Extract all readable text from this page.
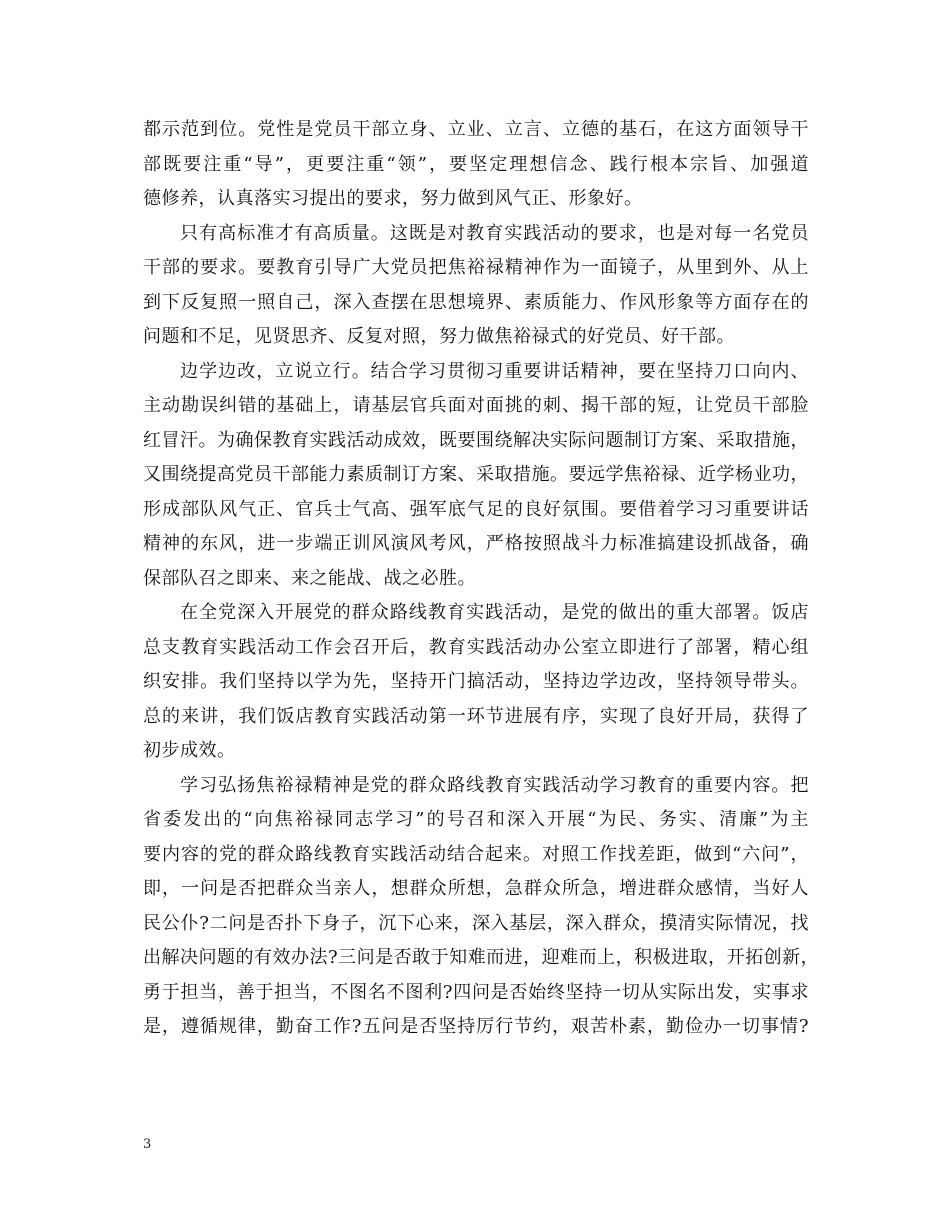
都示范到位。党性是党员干部立身、立业、立言、立德的基石，在这方面领导干
部既要注重“导”，更要注重“领”，要坚定理想信念、践行根本宗旨、加强道
德修养，认真落实习提出的要求，努力做到风气正、形象好。
只有高标准才有高质量。这既是对教育实践活动的要求，也是对每一名党员
干部的要求。要教育引导广大党员把焦裕禄精神作为一面镜子，从里到外、从上
到下反复照一照自己，深入查摆在思想境界、素质能力、作风形象等方面存在的
问题和不足，见贤思齐、反复对照，努力做焦裕禄式的好党员、好干部。
边学边改，立说立行。结合学习贯彻习重要讲话精神，要在坚持刀口向内、
主动勘误纠错的基础上，请基层官兵面对面挑的刺、揭干部的短，让党员干部脸
红冒汗。为确保教育实践活动成效，既要围绕解决实际问题制订方案、采取措施，
又围绕提高党员干部能力素质制订方案、采取措施。要远学焦裕禄、近学杨业功，
形成部队风气正、官兵士气高、强军底气足的良好氛围。要借着学习习重要讲话
精神的东风，进一步端正训风演风考风，严格按照战斗力标准搞建设抓战备，确
保部队召之即来、来之能战、战之必胜。
在全党深入开展党的群众路线教育实践活动，是党的做出的重大部署。饭店
总支教育实践活动工作会召开后，教育实践活动办公室立即进行了部署，精心组
织安排。我们坚持以学为先，坚持开门搞活动，坚持边学边改，坚持领导带头。
总的来讲，我们饭店教育实践活动第一环节进展有序，实现了良好开局，获得了
初步成效。
学习弘扬焦裕禄精神是党的群众路线教育实践活动学习教育的重要内容。把
省委发出的“向焦裕禄同志学习”的号召和深入开展“为民、务实、清廉”为主
要内容的党的群众路线教育实践活动结合起来。对照工作找差距，做到“六问”，
即，一问是否把群众当亲人，想群众所想，急群众所急，增进群众感情，当好人
民公仆?二问是否扑下身子，沉下心来，深入基层，深入群众，摸清实际情况，找
出解决问题的有效办法?三问是否敢于知难而进，迎难而上，积极进取，开拓创新，
勇于担当，善于担当，不图名不图利?四问是否始终坚持一切从实际出发，实事求
是，遵循规律，勤奋工作?五问是否坚持厉行节约，艰苦朴素，勤俭办一切事情?
3
